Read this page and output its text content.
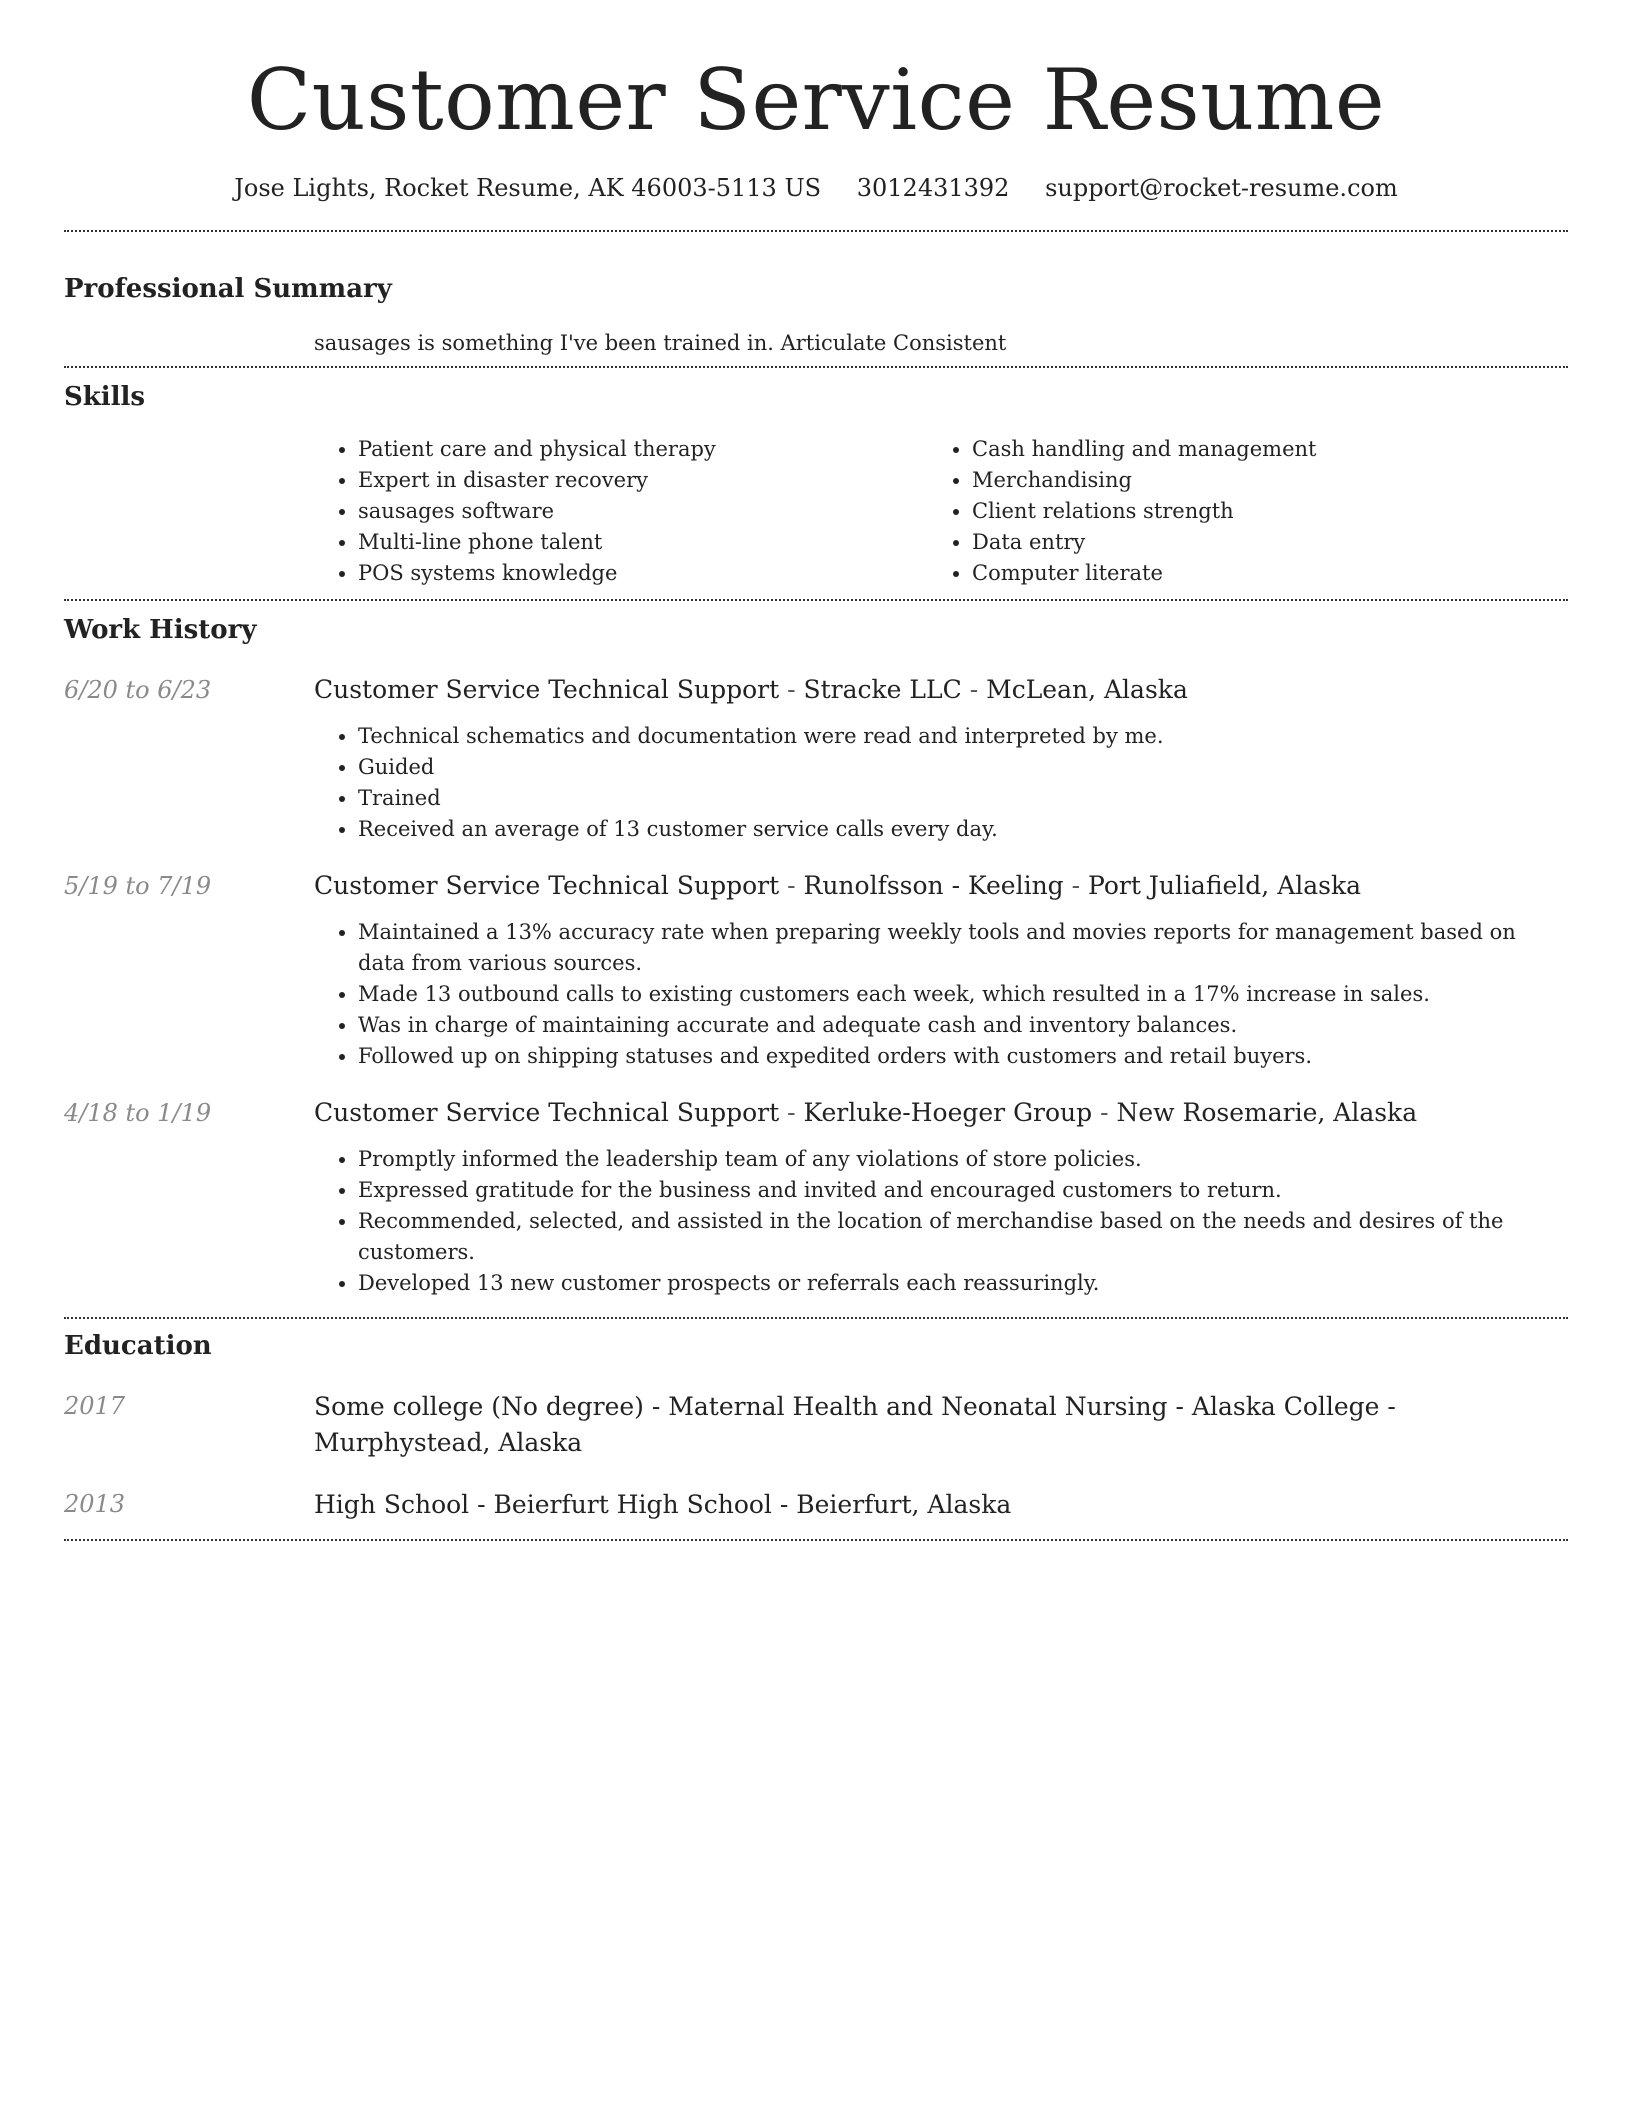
Customer Service Resume
Jose Lights, Rocket Resume, AK 46003-5113 US 3012431392 support@rocket-resume.com
Professional Summary
sausages is something I've been trained in. Articulate Consistent
Skills
• Patient care and physical therapy
• Expert in disaster recovery
• sausages software
• Multi-line phone talent
• POS systems knowledge
• Cash handling and management
• Merchandising
• Client relations strength
• Data entry
• Computer literate
Work History
6/20 to 6/23	Customer Service Technical Support - Stracke LLC - McLean, Alaska
• Technical schematics and documentation were read and interpreted by me.
• Guided
• Trained
• Received an average of 13 customer service calls every day.
5/19 to 7/19	Customer Service Technical Support - Runolfsson - Keeling - Port Juliafield, Alaska
• Maintained a 13% accuracy rate when preparing weekly tools and movies reports for management based on data from various sources.
• Made 13 outbound calls to existing customers each week, which resulted in a 17% increase in sales.
• Was in charge of maintaining accurate and adequate cash and inventory balances.
• Followed up on shipping statuses and expedited orders with customers and retail buyers.
4/18 to 1/19	Customer Service Technical Support - Kerluke-Hoeger Group - New Rosemarie, Alaska
• Promptly informed the leadership team of any violations of store policies.
• Expressed gratitude for the business and invited and encouraged customers to return.
• Recommended, selected, and assisted in the location of merchandise based on the needs and desires of the customers.
• Developed 13 new customer prospects or referrals each reassuringly.
Education
2017	Some college (No degree) - Maternal Health and Neonatal Nursing - Alaska College - Murphystead, Alaska
2013	High School - Beierfurt High School - Beierfurt, Alaska
